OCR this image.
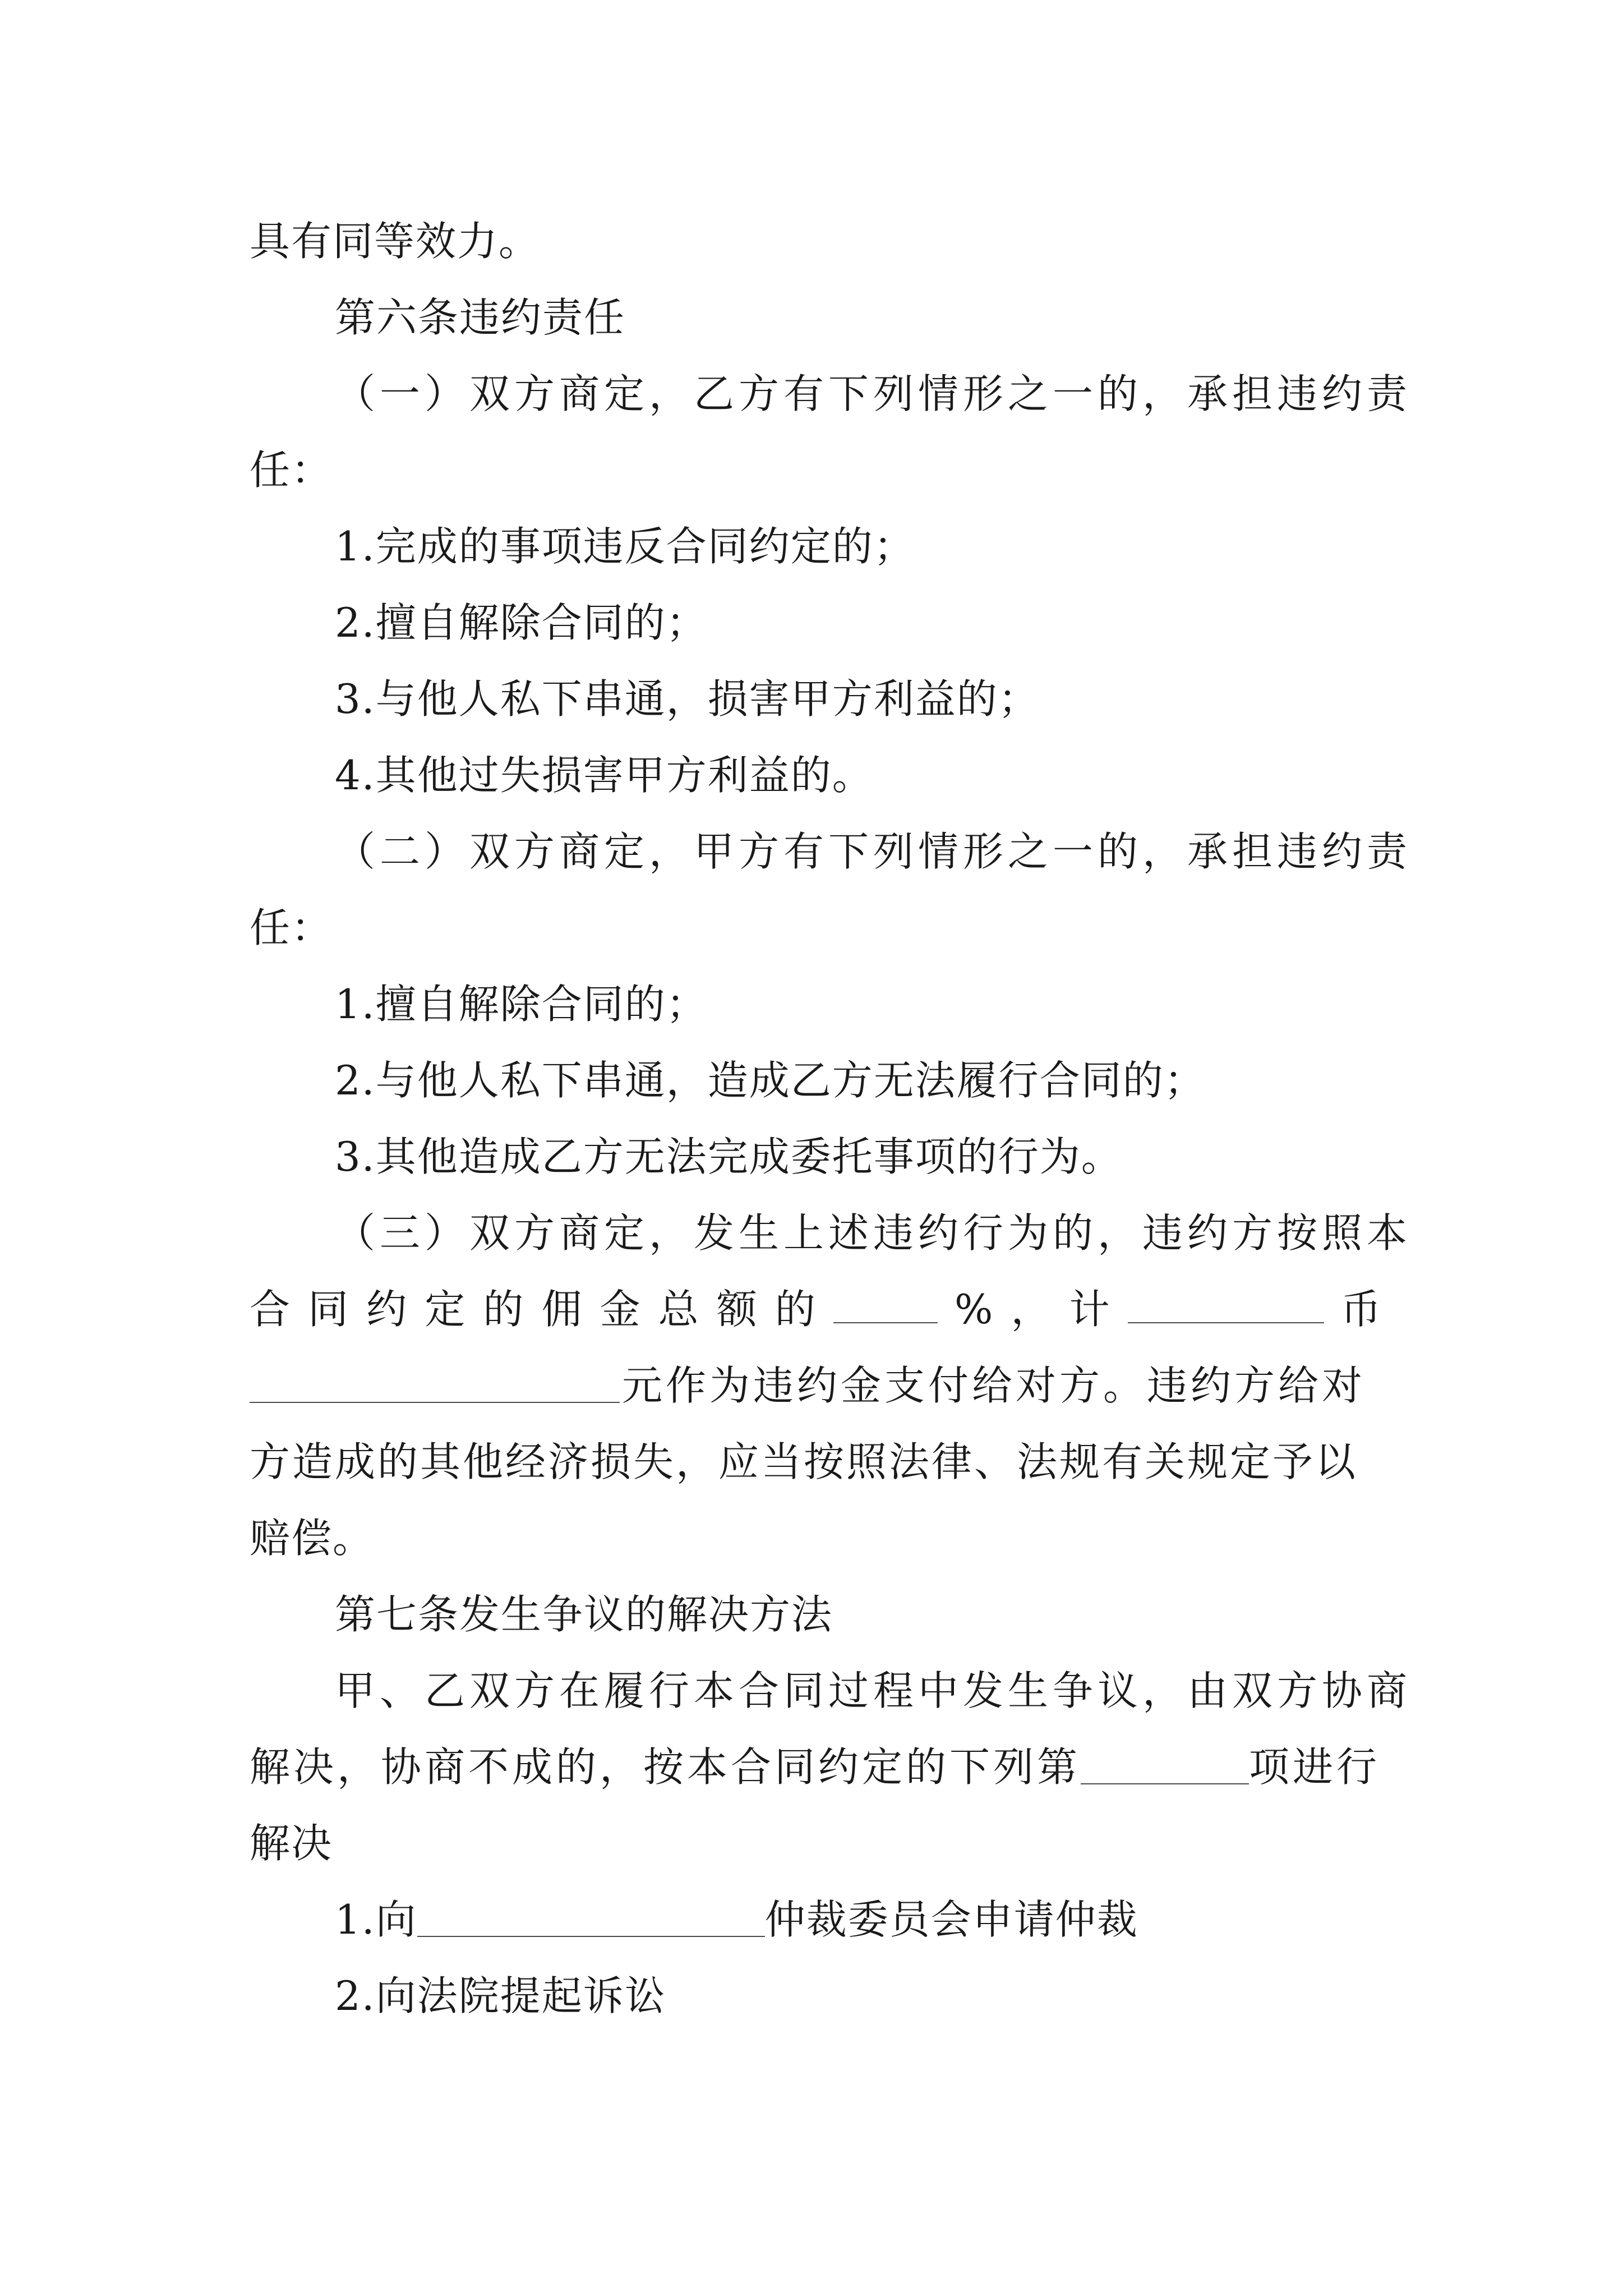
具有同等效力。
第六条违约责任
（一）双方商定，乙方有下列情形之一的，承担违约责
任：
1.完成的事项违反合同约定的；
2.擅自解除合同的；
3.与他人私下串通，损害甲方利益的；
4.其他过失损害甲方利益的。
（二）双方商定，甲方有下列情形之一的，承担违约责
任：
1.擅自解除合同的；
2.与他人私下串通，造成乙方无法履行合同的；
3.其他造成乙方无法完成委托事项的行为。
（三）双方商定，发生上述违约行为的，违约方按照本
合 同 约 定 的 佣 金 总 额 的	% ， 计	币
元作为违约金支付给对方。违约方给对
方造成的其他经济损失，应当按照法律、法规有关规定予以
赔偿。
第七条发生争议的解决方法
甲、乙双方在履行本合同过程中发生争议，由双方协商
解决，协商不成的，按本合同约定的下列第	项进行
解决
1.向	仲裁委员会申请仲裁
2.向法院提起诉讼
